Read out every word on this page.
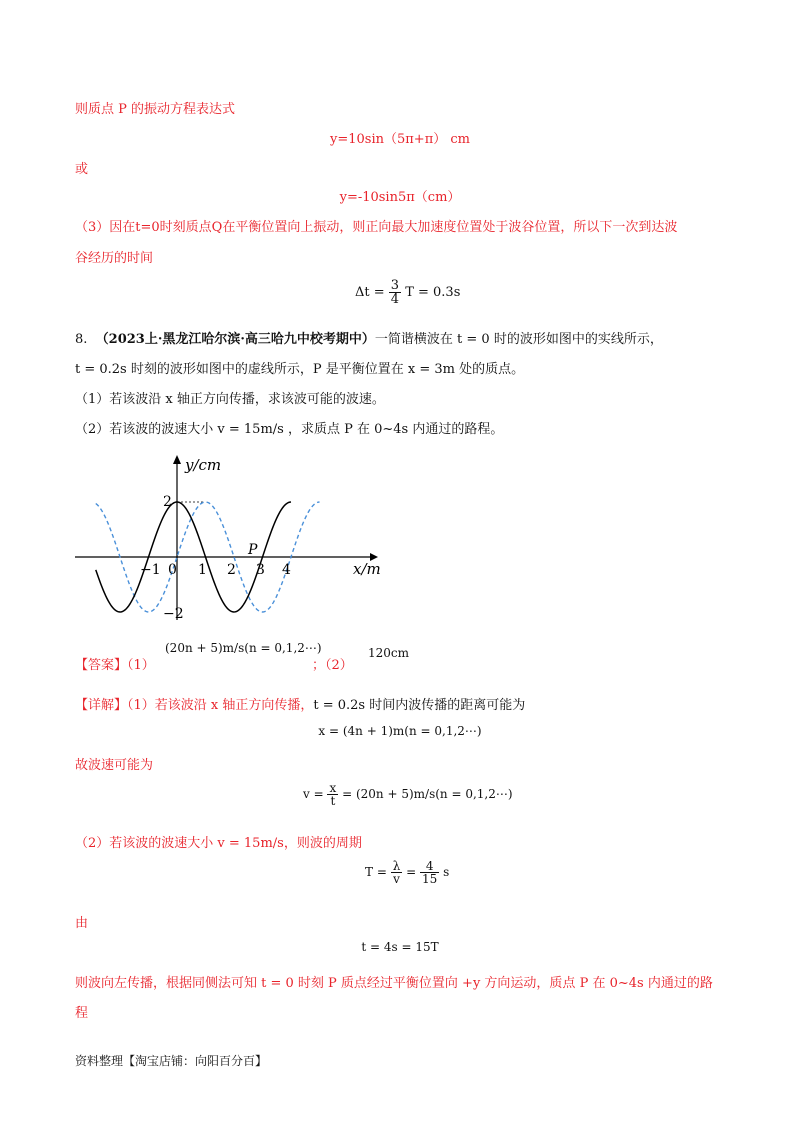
则质点 P 的振动方程表达式
y=10sin（5π+π） cm
或
y=-10sin5π（cm）
（3）因在t=0时刻质点Q在平衡位置向上振动，则正向最大加速度位置处于波谷位置，所以下一次到达波
谷经历的时间
$\Delta t = \frac{3}{4}$ T = 0.3s
8. （2023上·黑龙江哈尔滨·高三哈九中校考期中）一简谐横波在 t = 0 时的波形如图中的实线所示，
t = 0.2s 时刻的波形如图中的虚线所示，P 是平衡位置在 x = 3m 处的质点。
（1）若该波沿 x 轴正方向传播，求该波可能的波速。
（2）若该波的波速大小 v = 15m/s ，求质点 P 在 0~4s 内通过的路程。
y/cm
x/m
2
−2
−1 0 1 2 3 4
P
【答案】（1）
(20n + 5)m/s(n = 0,1,2⋯)
；（2）
120cm
【详解】（1）若该波沿 x 轴正方向传播，t = 0.2s 时间内波传播的距离可能为
x = (4n + 1)m(n = 0,1,2⋯)
故波速可能为
$v = \frac{x}{t} = (20n + 5)m/s(n$ = 0,1,2⋯)
（2）若该波的波速大小 v = 15m/s，则波的周期
$T = \frac{\lambda}{v} = \frac{4}{15}$ s
由
t = 4s = 15T
则波向左传播，根据同侧法可知 t = 0 时刻 P 质点经过平衡位置向 +y 方向运动，质点 P 在 0~4s 内通过的路
程
资料整理【淘宝店铺：向阳百分百】
